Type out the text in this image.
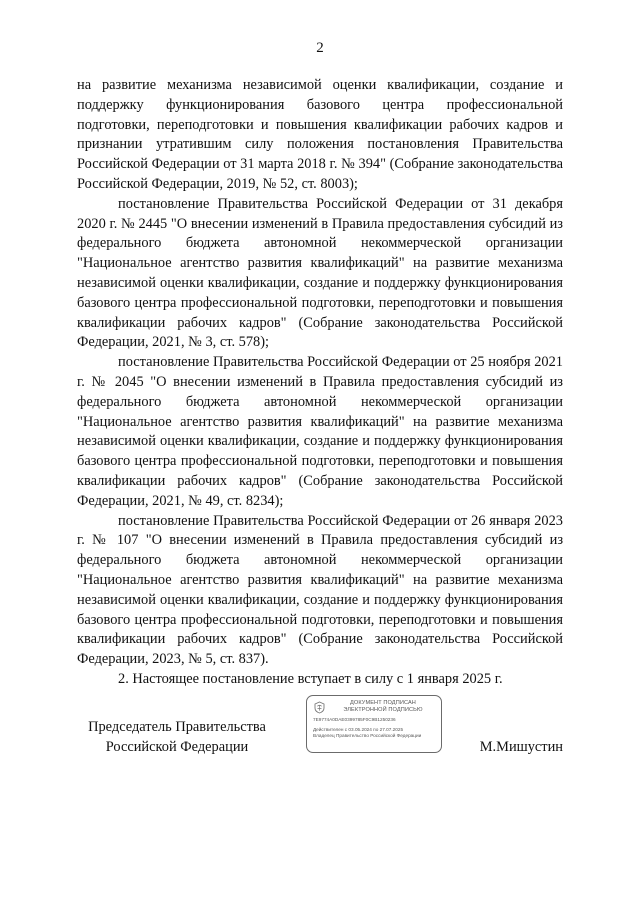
2

на развитие механизма независимой оценки квалификации, создание и поддержку функционирования базового центра профессиональной подготовки, переподготовки и повышения квалификации рабочих кадров и признании утратившим силу положения постановления Правительства Российской Федерации от 31 марта 2018 г. № 394" (Собрание законодательства Российской Федерации, 2019, № 52, ст. 8003);

постановление Правительства Российской Федерации от 31 декабря 2020 г. № 2445 "О внесении изменений в Правила предоставления субсидий из федерального бюджета автономной некоммерческой организации "Национальное агентство развития квалификаций" на развитие механизма независимой оценки квалификации, создание и поддержку функционирования базового центра профессиональной подготовки, переподготовки и повышения квалификации рабочих кадров" (Собрание законодательства Российской Федерации, 2021, № 3, ст. 578);

постановление Правительства Российской Федерации от 25 ноября 2021 г. № 2045 "О внесении изменений в Правила предоставления субсидий из федерального бюджета автономной некоммерческой организации "Национальное агентство развития квалификаций" на развитие механизма независимой оценки квалификации, создание и поддержку функционирования базового центра профессиональной подготовки, переподготовки и повышения квалификации рабочих кадров" (Собрание законодательства Российской Федерации, 2021, № 49, ст. 8234);

постановление Правительства Российской Федерации от 26 января 2023 г. № 107 "О внесении изменений в Правила предоставления субсидий из федерального бюджета автономной некоммерческой организации "Национальное агентство развития квалификаций" на развитие механизма независимой оценки квалификации, создание и поддержку функционирования базового центра профессиональной подготовки, переподготовки и повышения квалификации рабочих кадров" (Собрание законодательства Российской Федерации, 2023, № 5, ст. 837).

2. Настоящее постановление вступает в силу с 1 января 2025 г.

Председатель Правительства
Российской Федерации
ДОКУМЕНТ ПОДПИСАН
ЭЛЕКТРОННОЙ ПОДПИСЬЮ
7E9774A0DAE0399785F0C9B1250236
Действителен с 03.05.2024 по 27.07.2025
Владелец Правительство Российской Федерации
М.Мишустин
